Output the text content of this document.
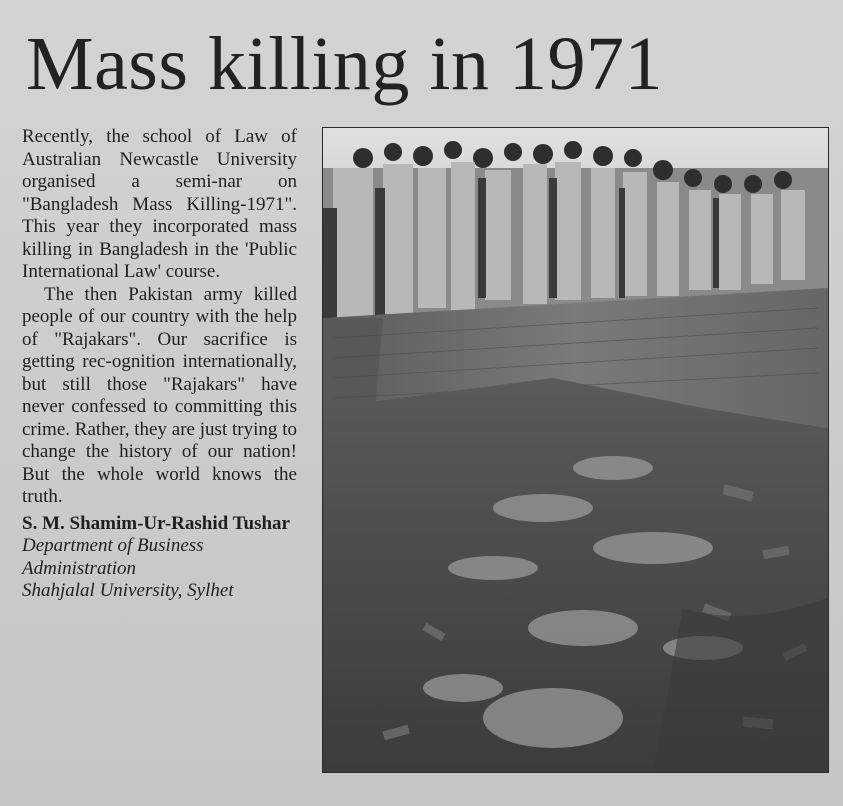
Mass killing in 1971

Recently, the school of Law of Australian Newcastle University organised a semi-nar on "Bangladesh Mass Killing-1971". This year they incorporated mass killing in Bangladesh in the 'Public International Law' course.

The then Pakistan army killed people of our country with the help of "Rajakars". Our sacrifice is getting rec-ognition internationally, but still those "Rajakars" have never confessed to committing this crime. Rather, they are just trying to change the history of our nation! But the whole world knows the truth.

S. M. Shamim-Ur-Rashid Tushar
Department of Business Administration
Shahjalal University, Sylhet
